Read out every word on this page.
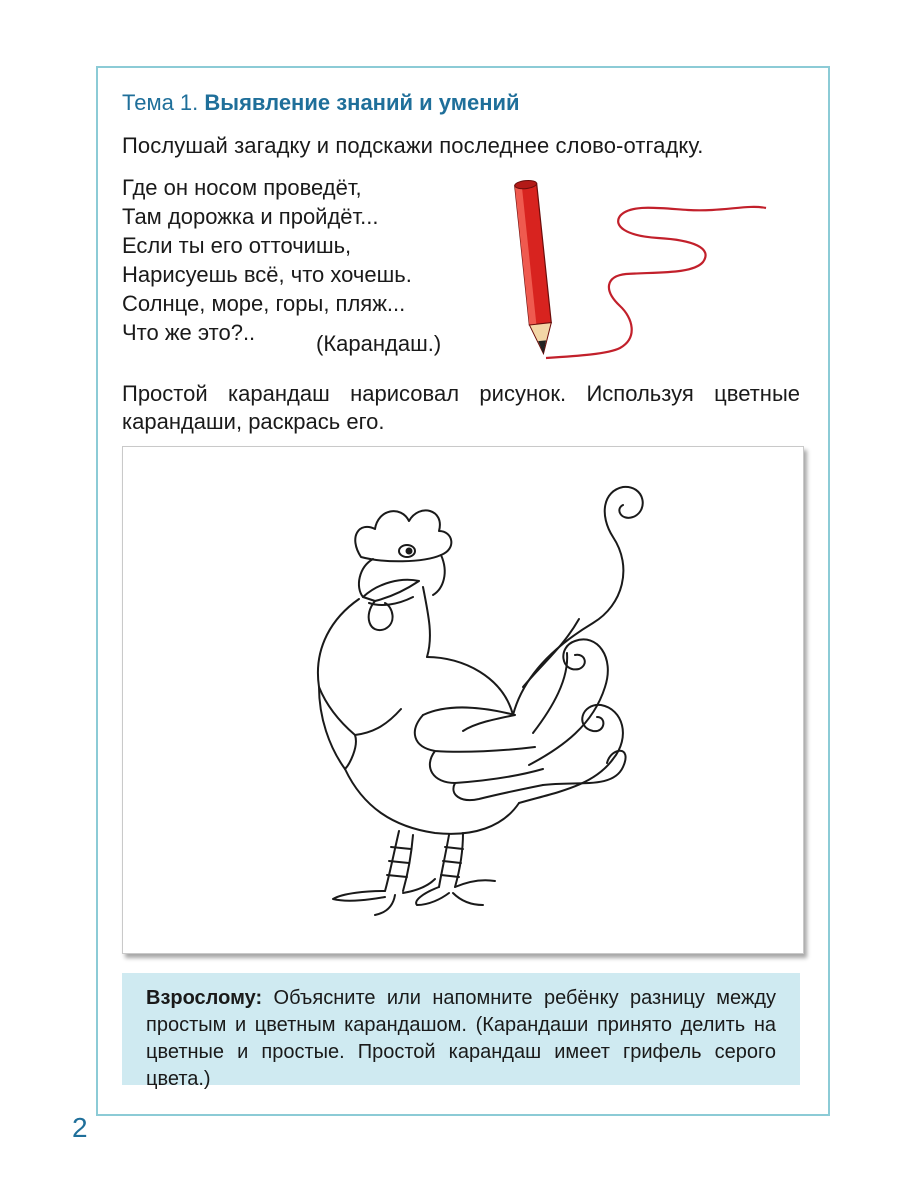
Тема 1. Выявление знаний и умений
Послушай загадку и подскажи последнее слово-отгадку.
Где он носом проведёт,
Там дорожка и пройдёт...
Если ты его отточишь,
Нарисуешь всё, что хочешь.
Солнце, море, горы, пляж...
Что же это?..	(Карандаш.)
Простой карандаш нарисовал рисунок. Используя цветные карандаши, раскрась его.
Взрослому: Объясните или напомните ребёнку разницу между простым и цветным карандашом. (Карандаши принято делить на цветные и простые. Простой карандаш имеет грифель серого цвета.)
2
